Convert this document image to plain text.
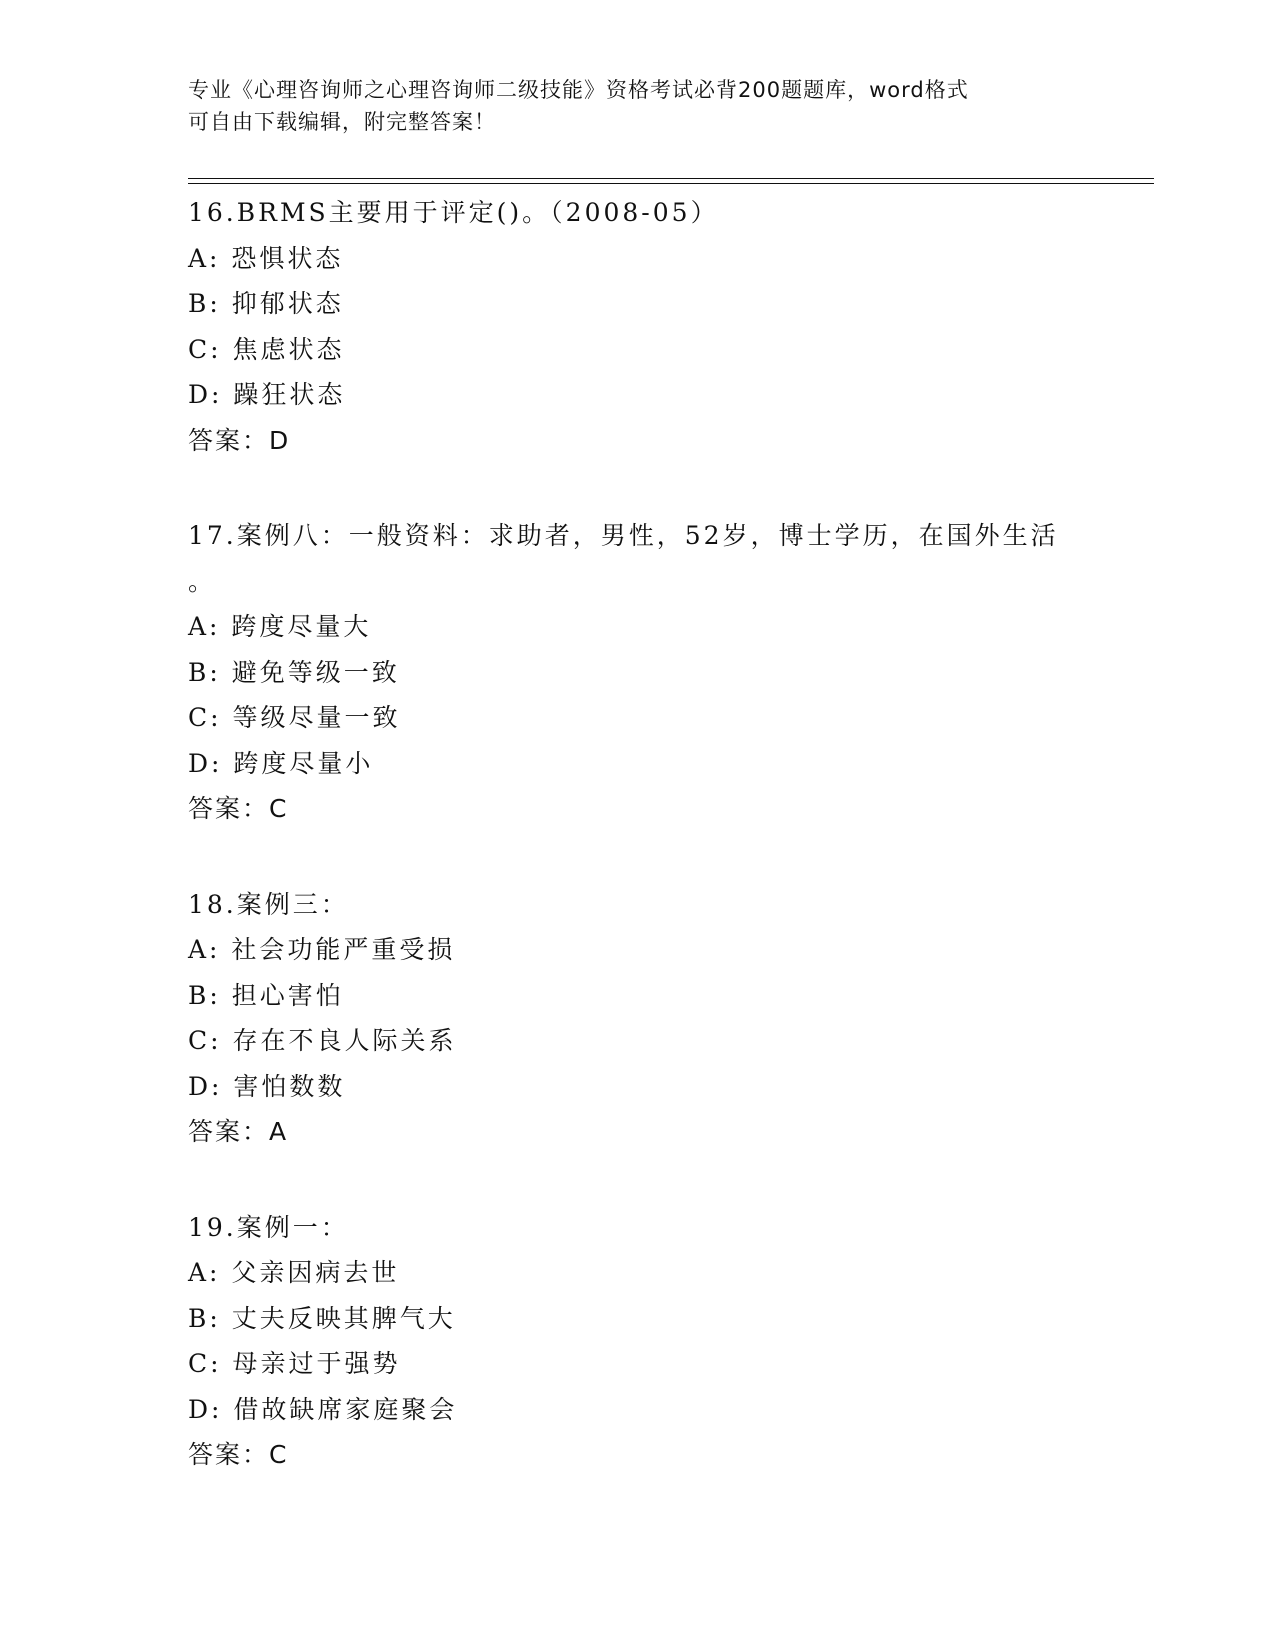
专业《心理咨询师之心理咨询师二级技能》资格考试必背200题题库，word格式
可自由下载编辑，附完整答案！
16.BRMS主要用于评定()。（2008-05）
A: 恐惧状态
B: 抑郁状态
C: 焦虑状态
D: 躁狂状态
答案：D
17.案例八：一般资料：求助者，男性，52岁，博士学历，在国外生活
。
A: 跨度尽量大
B: 避免等级一致
C: 等级尽量一致
D: 跨度尽量小
答案：C
18.案例三：
A: 社会功能严重受损
B: 担心害怕
C: 存在不良人际关系
D: 害怕数数
答案：A
19.案例一：
A: 父亲因病去世
B: 丈夫反映其脾气大
C: 母亲过于强势
D: 借故缺席家庭聚会
答案：C
